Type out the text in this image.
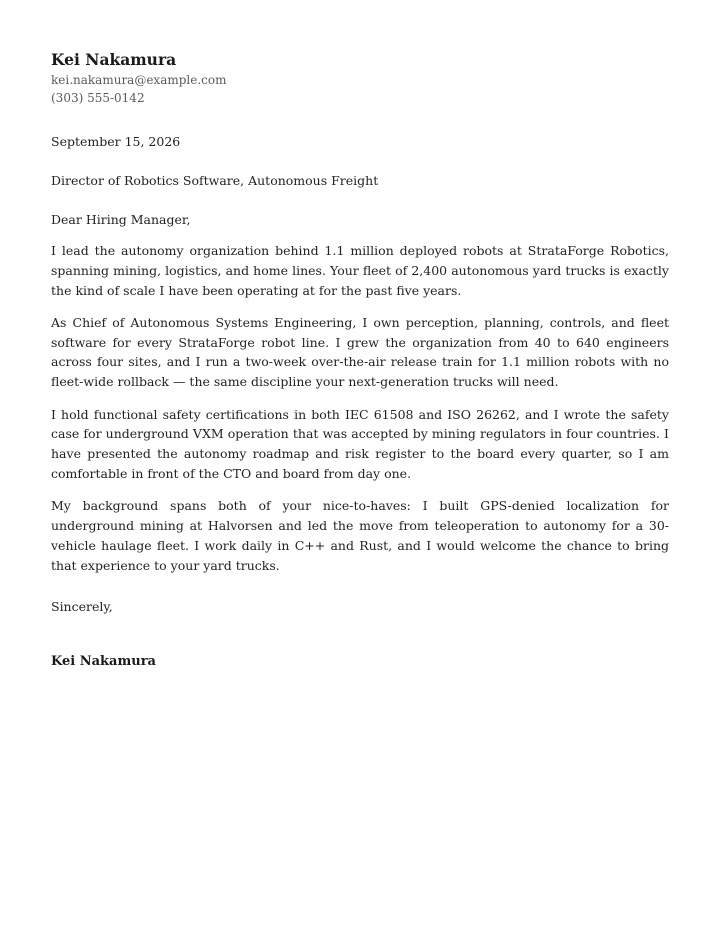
Kei Nakamura
kei.nakamura@example.com
(303) 555-0142
September 15, 2026
Director of Robotics Software, Autonomous Freight
Dear Hiring Manager,

I lead the autonomy organization behind 1.1 million deployed robots at StrataForge Robotics, spanning mining, logistics, and home lines. Your fleet of 2,400 autonomous yard trucks is exactly the kind of scale I have been operating at for the past five years.

As Chief of Autonomous Systems Engineering, I own perception, planning, controls, and fleet software for every StrataForge robot line. I grew the organization from 40 to 640 engineers across four sites, and I run a two-week over-the-air release train for 1.1 million robots with no fleet-wide rollback — the same discipline your next-generation trucks will need.

I hold functional safety certifications in both IEC 61508 and ISO 26262, and I wrote the safety case for underground VXM operation that was accepted by mining regulators in four countries. I have presented the autonomy roadmap and risk register to the board every quarter, so I am comfortable in front of the CTO and board from day one.

My background spans both of your nice-to-haves: I built GPS-denied localization for underground mining at Halvorsen and led the move from teleoperation to autonomy for a 30-vehicle haulage fleet. I work daily in C++ and Rust, and I would welcome the chance to bring that experience to your yard trucks.

Sincerely,
Kei Nakamura
